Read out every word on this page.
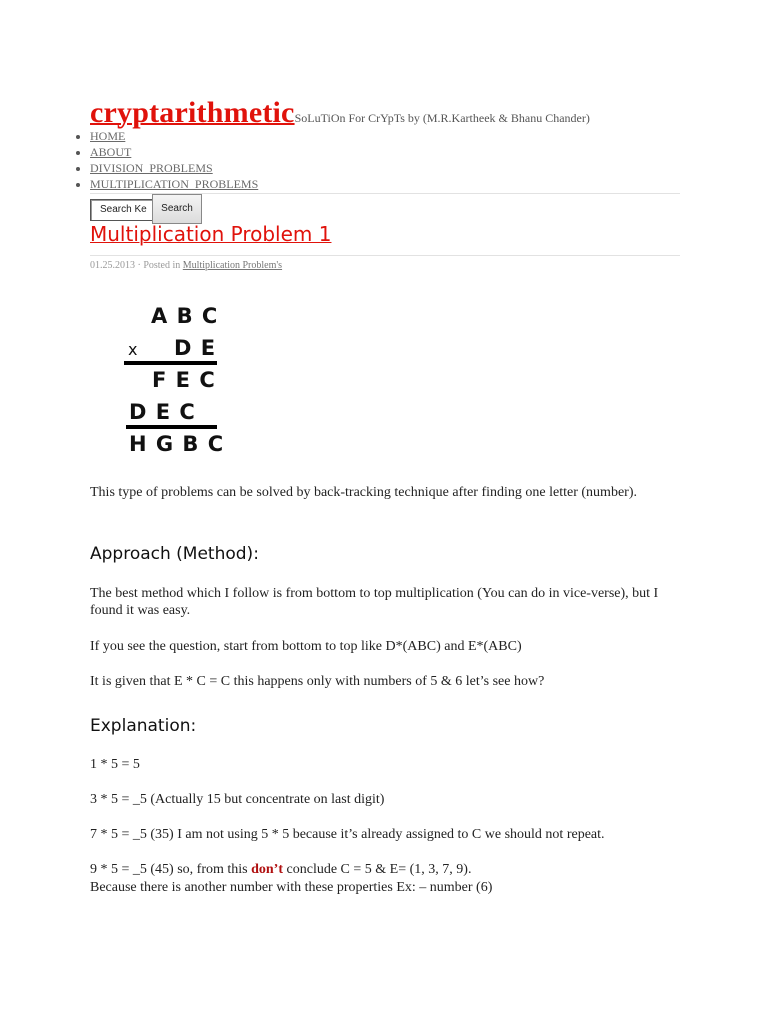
cryptarithmeticSoLuTiOn For CrYpTs by (M.R.Kartheek & Bhanu Chander)
• HOME
• ABOUT
• DIVISION_PROBLEMS
• MULTIPLICATION_PROBLEMS
Search Ke	Search
Multiplication Problem 1
01.25.2013 · Posted in Multiplication Problem's
A B C
x D E
F E C
D E C
H G B C

This type of problems can be solved by back-tracking technique after finding one letter (number).

Approach (Method):

The best method which I follow is from bottom to top multiplication (You can do in vice-verse), but I found it was easy.

If you see the question, start from bottom to top like D*(ABC) and E*(ABC)

It is given that E * C = C this happens only with numbers of 5 & 6 let’s see how?

Explanation:

1 * 5 = 5

3 * 5 = _5 (Actually 15 but concentrate on last digit)

7 * 5 = _5 (35) I am not using 5 * 5 because it’s already assigned to C we should not repeat.

9 * 5 = _5 (45) so, from this don’t conclude C = 5 & E= (1, 3, 7, 9).

Because there is another number with these properties Ex: – number (6)
